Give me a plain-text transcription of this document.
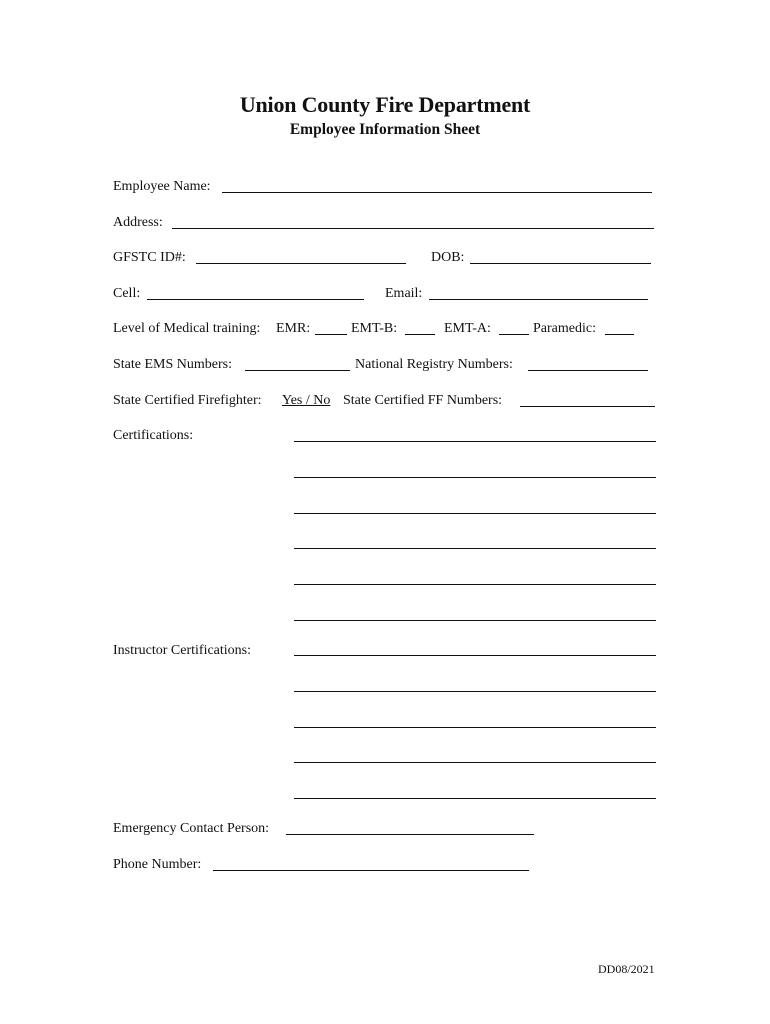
Union County Fire Department
Employee Information Sheet
Employee Name:
Address:
GFSTC ID#:	DOB:
Cell:	Email:
Level of Medical training: EMR:	EMT-B:	EMT-A:	Paramedic:
State EMS Numbers:	National Registry Numbers:
State Certified Firefighter: Yes / No State Certified FF Numbers:
Certifications:
Instructor Certifications:
Emergency Contact Person:
Phone Number:
DD08/2021
